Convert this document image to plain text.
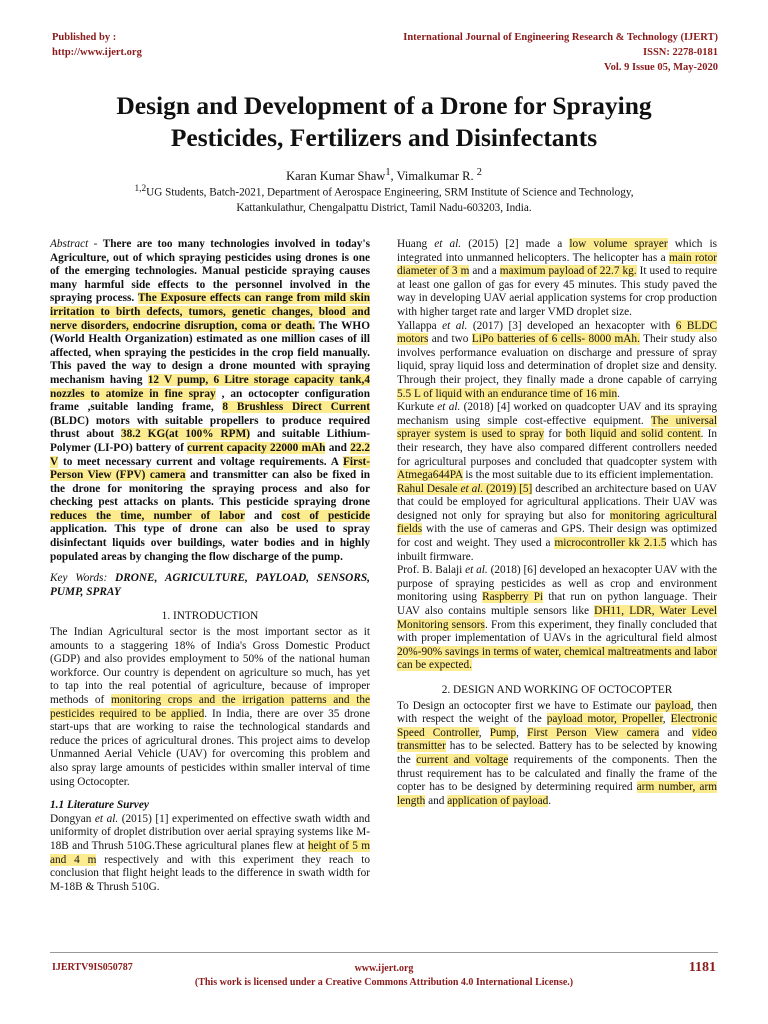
Published by :
http://www.ijert.org
International Journal of Engineering Research & Technology (IJERT)
ISSN: 2278-0181
Vol. 9 Issue 05, May-2020
Design and Development of a Drone for Spraying
Pesticides, Fertilizers and Disinfectants
Karan Kumar Shaw$^1$, Vimalkumar R. $^2$
$^{1,2}$UG Students, Batch-2021, Department of Aerospace Engineering, SRM Institute of Science and Technology,
Kattankulathur, Chengalpattu District, Tamil Nadu-603203, India.

Abstract - There are too many technologies involved in today's Agriculture, out of which spraying pesticides using drones is one of the emerging technologies. Manual pesticide spraying causes many harmful side effects to the personnel involved in the spraying process. The Exposure effects can range from mild skin irritation to birth defects, tumors, genetic changes, blood and nerve disorders, endocrine disruption, coma or death. The WHO (World Health Organization) estimated as one million cases of ill affected, when spraying the pesticides in the crop field manually. This paved the way to design a drone mounted with spraying mechanism having 12 V pump, 6 Litre storage capacity tank,4 nozzles to atomize in fine spray , an octocopter configuration frame ,suitable landing frame, 8 Brushless Direct Current (BLDC) motors with suitable propellers to produce required thrust about 38.2 KG(at 100% RPM) and suitable Lithium-Polymer (LI-PO) battery of current capacity 22000 mAh and 22.2 V to meet necessary current and voltage requirements. A First-Person View (FPV) camera and transmitter can also be fixed in the drone for monitoring the spraying process and also for checking pest attacks on plants. This pesticide spraying drone reduces the time, number of labor and cost of pesticide application. This type of drone can also be used to spray disinfectant liquids over buildings, water bodies and in highly populated areas by changing the flow discharge of the pump.

Key Words: DRONE, AGRICULTURE, PAYLOAD, SENSORS, PUMP, SPRAY

1. INTRODUCTION

The Indian Agricultural sector is the most important sector as it amounts to a staggering 18% of India's Gross Domestic Product (GDP) and also provides employment to 50% of the national human workforce. Our country is dependent on agriculture so much, has yet to tap into the real potential of agriculture, because of improper methods of monitoring crops and the irrigation patterns and the pesticides required to be applied. In India, there are over 35 drone start-ups that are working to raise the technological standards and reduce the prices of agricultural drones. This project aims to develop Unmanned Aerial Vehicle (UAV) for overcoming this problem and also spray large amounts of pesticides within smaller interval of time using Octocopter.

1.1 Literature Survey

Dongyan et al. (2015) [1] experimented on effective swath width and uniformity of droplet distribution over aerial spraying systems like M-18B and Thrush 510G.These agricultural planes flew at height of 5 m and 4 m respectively and with this experiment they reach to conclusion that flight height leads to the difference in swath width for M-18B & Thrush 510G.

Huang et al. (2015) [2] made a low volume sprayer which is integrated into unmanned helicopters. The helicopter has a main rotor diameter of 3 m and a maximum payload of 22.7 kg. It used to require at least one gallon of gas for every 45 minutes. This study paved the way in developing UAV aerial application systems for crop production with higher target rate and larger VMD droplet size.

Yallappa et al. (2017) [3] developed an hexacopter with 6 BLDC motors and two LiPo batteries of 6 cells- 8000 mAh. Their study also involves performance evaluation on discharge and pressure of spray liquid, spray liquid loss and determination of droplet size and density. Through their project, they finally made a drone capable of carrying 5.5 L of liquid with an endurance time of 16 min.

Kurkute et al. (2018) [4] worked on quadcopter UAV and its spraying mechanism using simple cost-effective equipment. The universal sprayer system is used to spray for both liquid and solid content. In their research, they have also compared different controllers needed for agricultural purposes and concluded that quadcopter system with Atmega644PA is the most suitable due to its efficient implementation.

Rahul Desale et al. (2019) [5] described an architecture based on UAV that could be employed for agricultural applications. Their UAV was designed not only for spraying but also for monitoring agricultural fields with the use of cameras and GPS. Their design was optimized for cost and weight. They used a microcontroller kk 2.1.5 which has inbuilt firmware.

Prof. B. Balaji et al. (2018) [6] developed an hexacopter UAV with the purpose of spraying pesticides as well as crop and environment monitoring using Raspberry Pi that run on python language. Their UAV also contains multiple sensors like DH11, LDR, Water Level Monitoring sensors. From this experiment, they finally concluded that with proper implementation of UAVs in the agricultural field almost 20%-90% savings in terms of water, chemical maltreatments and labor can be expected.

2. DESIGN AND WORKING OF OCTOCOPTER

To Design an octocopter first we have to Estimate our payload, then with respect the weight of the payload motor, Propeller, Electronic Speed Controller, Pump, First Person View camera and video transmitter has to be selected. Battery has to be selected by knowing the current and voltage requirements of the components. Then the thrust requirement has to be calculated and finally the frame of the copter has to be designed by determining required arm number, arm length and application of payload.

IJERTV9IS050787	www.ijert.org
(This work is licensed under a Creative Commons Attribution 4.0 International License.)
1181
